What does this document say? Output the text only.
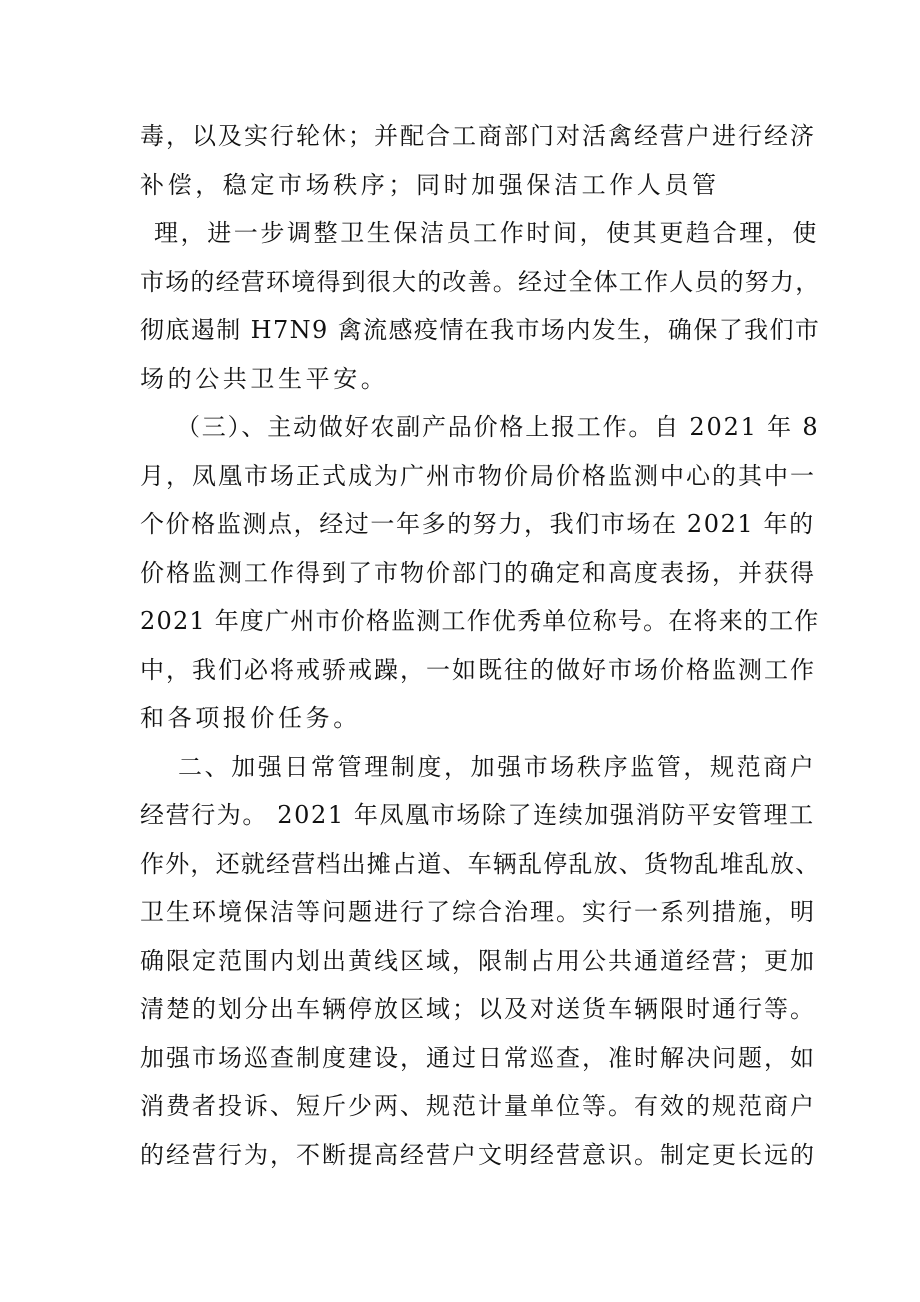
毒，以及实行轮休；并配合工商部门对活禽经营户进行经济
补偿，稳定市场秩序；同时加强保洁工作人员管
理，进一步调整卫生保洁员工作时间，使其更趋合理，使
市场的经营环境得到很大的改善。经过全体工作人员的努力，
彻底遏制 H7N9 禽流感疫情在我市场内发生，确保了我们市
场的公共卫生平安。
（三）、主动做好农副产品价格上报工作。自 2021 年 8
月，凤凰市场正式成为广州市物价局价格监测中心的其中一
个价格监测点，经过一年多的努力，我们市场在 2021 年的
价格监测工作得到了市物价部门的确定和高度表扬，并获得
2021 年度广州市价格监测工作优秀单位称号。在将来的工作
中，我们必将戒骄戒躁，一如既往的做好市场价格监测工作
和各项报价任务。
二、加强日常管理制度，加强市场秩序监管，规范商户
经营行为。 2021 年凤凰市场除了连续加强消防平安管理工
作外，还就经营档出摊占道、车辆乱停乱放、货物乱堆乱放、
卫生环境保洁等问题进行了综合治理。实行一系列措施，明
确限定范围内划出黄线区域，限制占用公共通道经营；更加
清楚的划分出车辆停放区域；以及对送货车辆限时通行等。
加强市场巡查制度建设，通过日常巡查，准时解决问题，如
消费者投诉、短斤少两、规范计量单位等。有效的规范商户
的经营行为，不断提高经营户文明经营意识。制定更长远的
